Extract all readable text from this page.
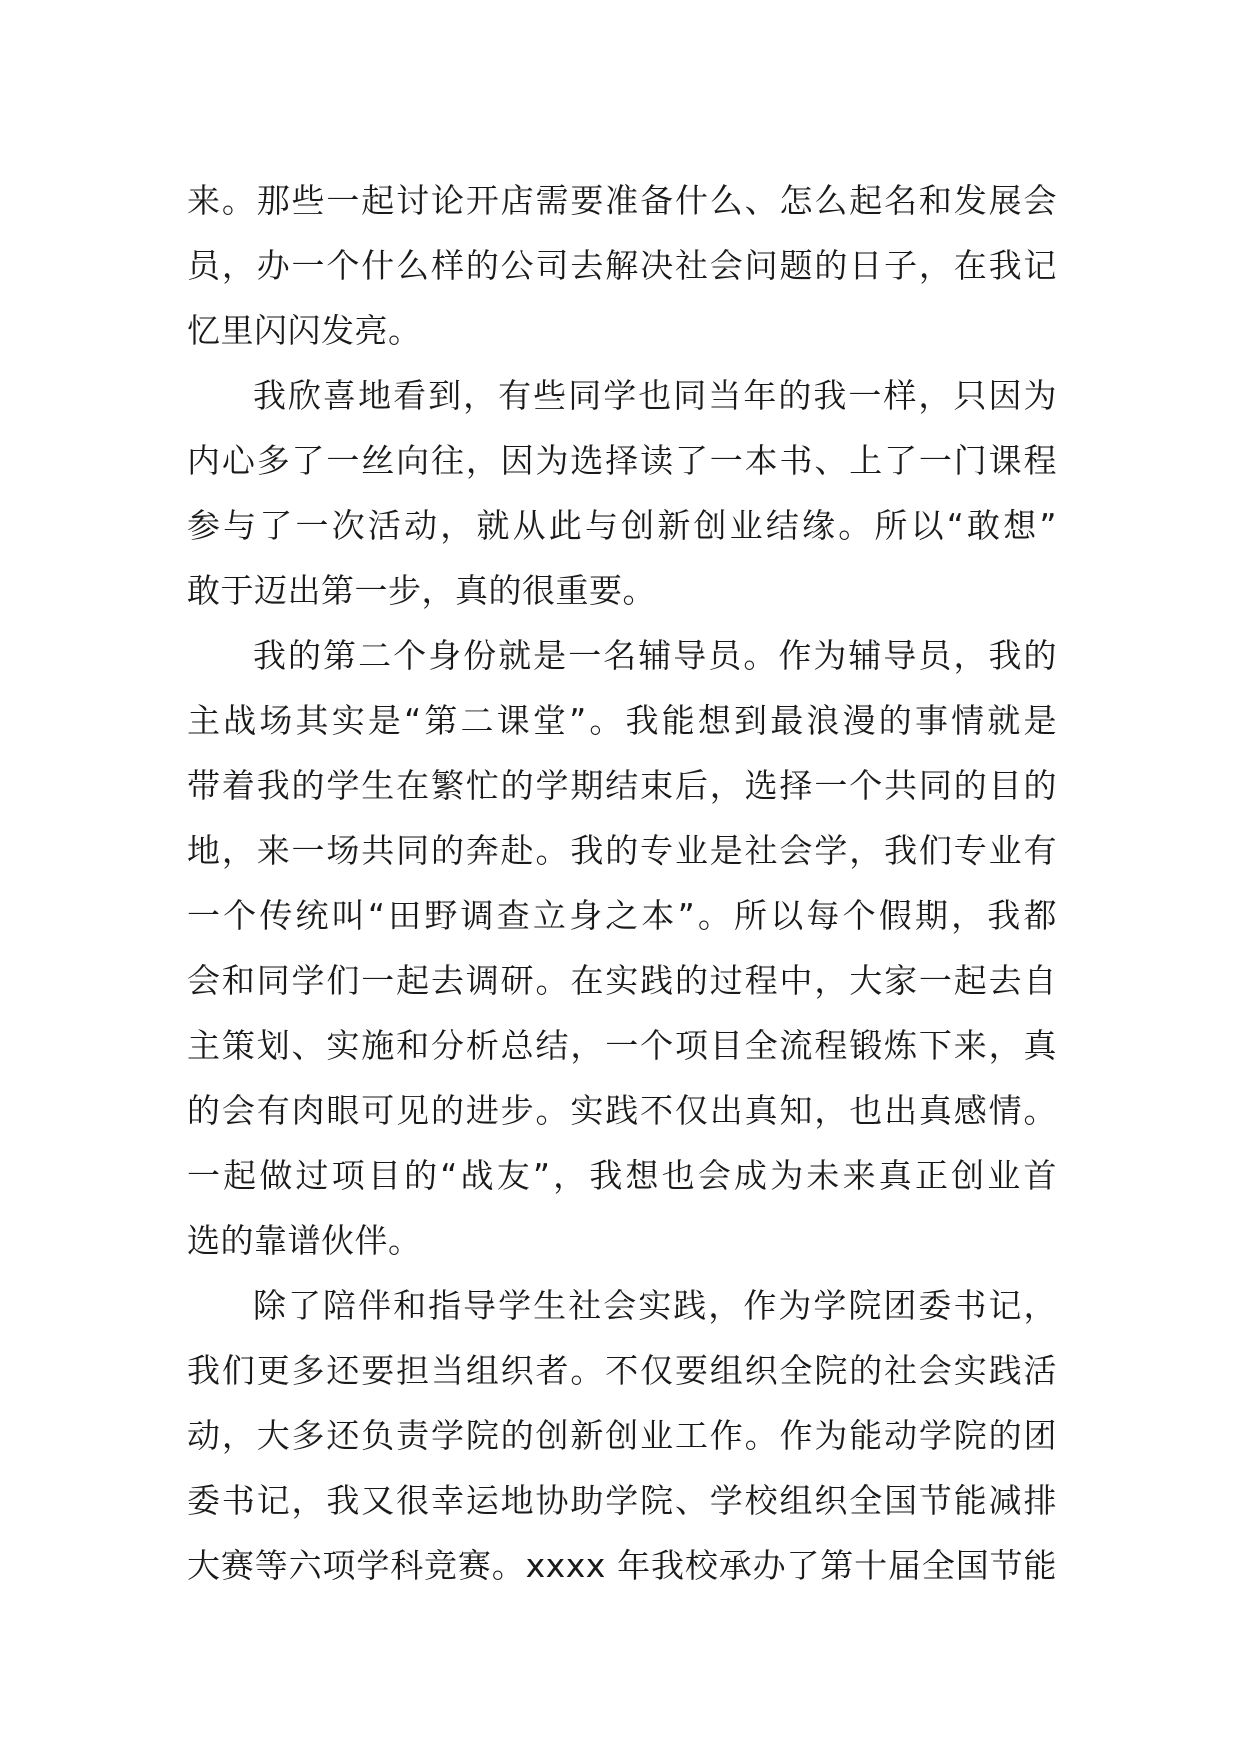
来。那些一起讨论开店需要准备什么、怎么起名和发展会
员，办一个什么样的公司去解决社会问题的日子，在我记
忆里闪闪发亮。
我欣喜地看到，有些同学也同当年的我一样，只因为
内心多了一丝向往，因为选择读了一本书、上了一门课程
参与了一次活动，就从此与创新创业结缘。所以“敢想”
敢于迈出第一步，真的很重要。
我的第二个身份就是一名辅导员。作为辅导员，我的
主战场其实是“第二课堂”。我能想到最浪漫的事情就是
带着我的学生在繁忙的学期结束后，选择一个共同的目的
地，来一场共同的奔赴。我的专业是社会学，我们专业有
一个传统叫“田野调查立身之本”。所以每个假期，我都
会和同学们一起去调研。在实践的过程中，大家一起去自
主策划、实施和分析总结，一个项目全流程锻炼下来，真
的会有肉眼可见的进步。实践不仅出真知，也出真感情。
一起做过项目的“战友”，我想也会成为未来真正创业首
选的靠谱伙伴。
除了陪伴和指导学生社会实践，作为学院团委书记，
我们更多还要担当组织者。不仅要组织全院的社会实践活
动，大多还负责学院的创新创业工作。作为能动学院的团
委书记，我又很幸运地协助学院、学校组织全国节能减排
大赛等六项学科竞赛。xxxx 年我校承办了第十届全国节能
